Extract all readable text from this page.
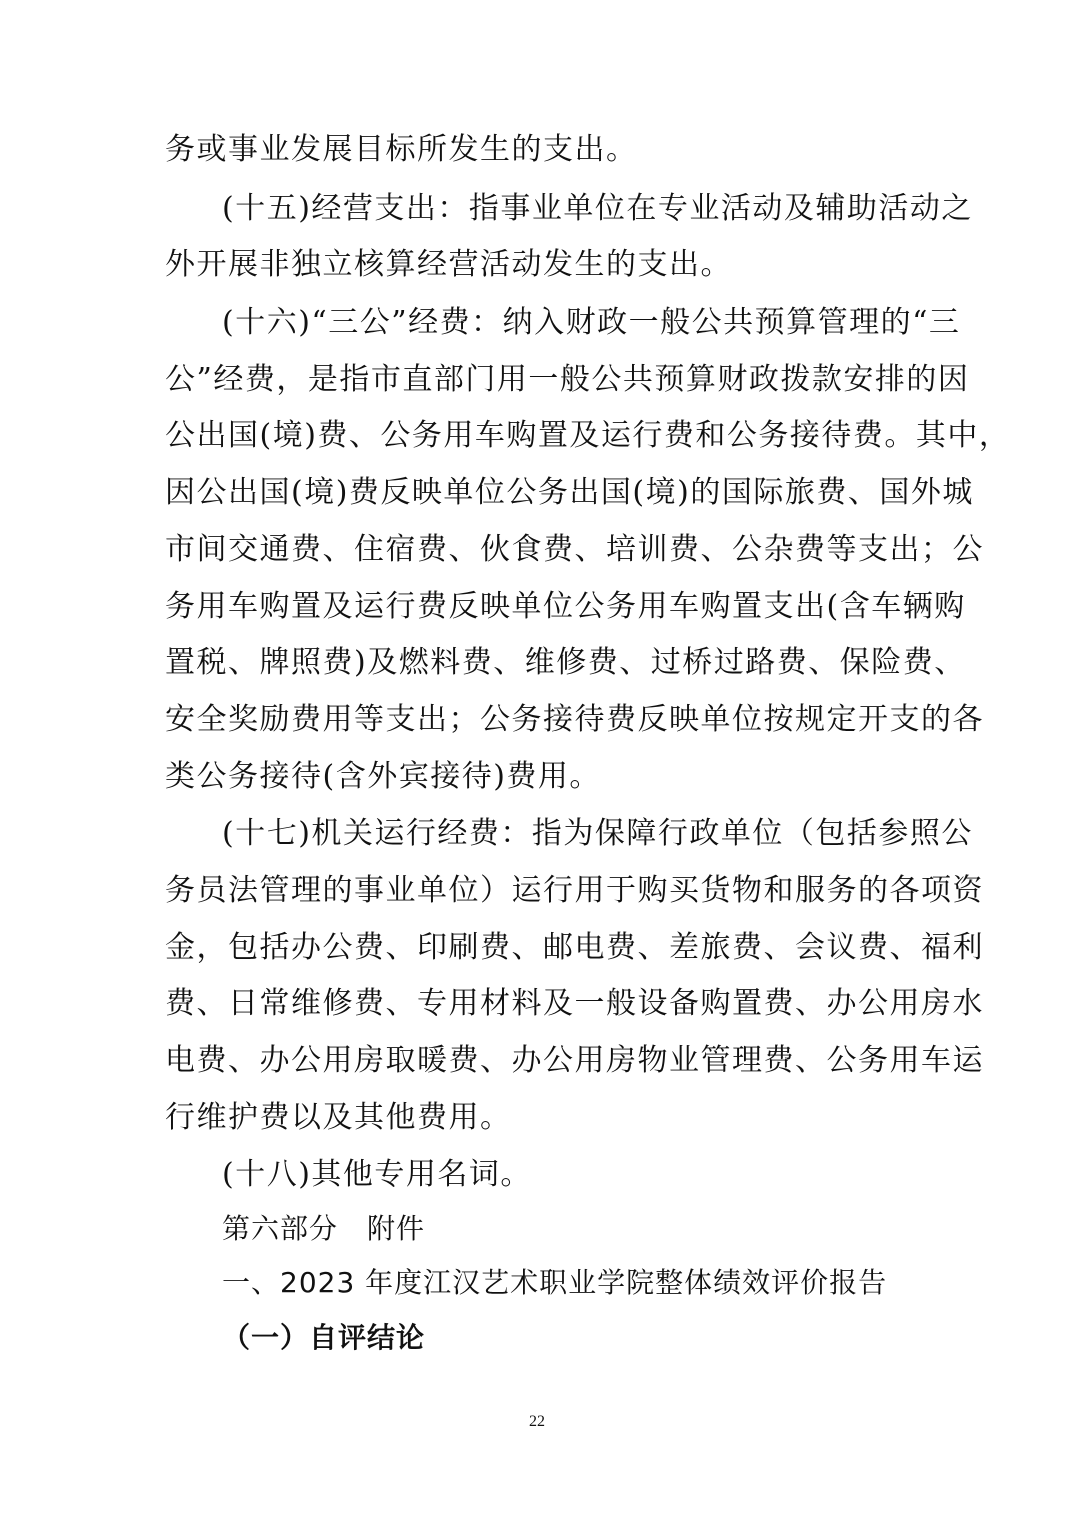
务或事业发展目标所发生的支出。
(十五)经营支出：指事业单位在专业活动及辅助活动之
外开展非独立核算经营活动发生的支出。
(十六)“三公”经费：纳入财政一般公共预算管理的“三
公”经费，是指市直部门用一般公共预算财政拨款安排的因
公出国(境)费、公务用车购置及运行费和公务接待费。其中，
因公出国(境)费反映单位公务出国(境)的国际旅费、国外城
市间交通费、住宿费、伙食费、培训费、公杂费等支出；公
务用车购置及运行费反映单位公务用车购置支出(含车辆购
置税、牌照费)及燃料费、维修费、过桥过路费、保险费、
安全奖励费用等支出；公务接待费反映单位按规定开支的各
类公务接待(含外宾接待)费用。
(十七)机关运行经费：指为保障行政单位（包括参照公
务员法管理的事业单位）运行用于购买货物和服务的各项资
金，包括办公费、印刷费、邮电费、差旅费、会议费、福利
费、日常维修费、专用材料及一般设备购置费、办公用房水
电费、办公用房取暖费、办公用房物业管理费、公务用车运
行维护费以及其他费用。
(十八)其他专用名词。
第六部分　附件
一、2023 年度江汉艺术职业学院整体绩效评价报告
（一）自评结论
22
